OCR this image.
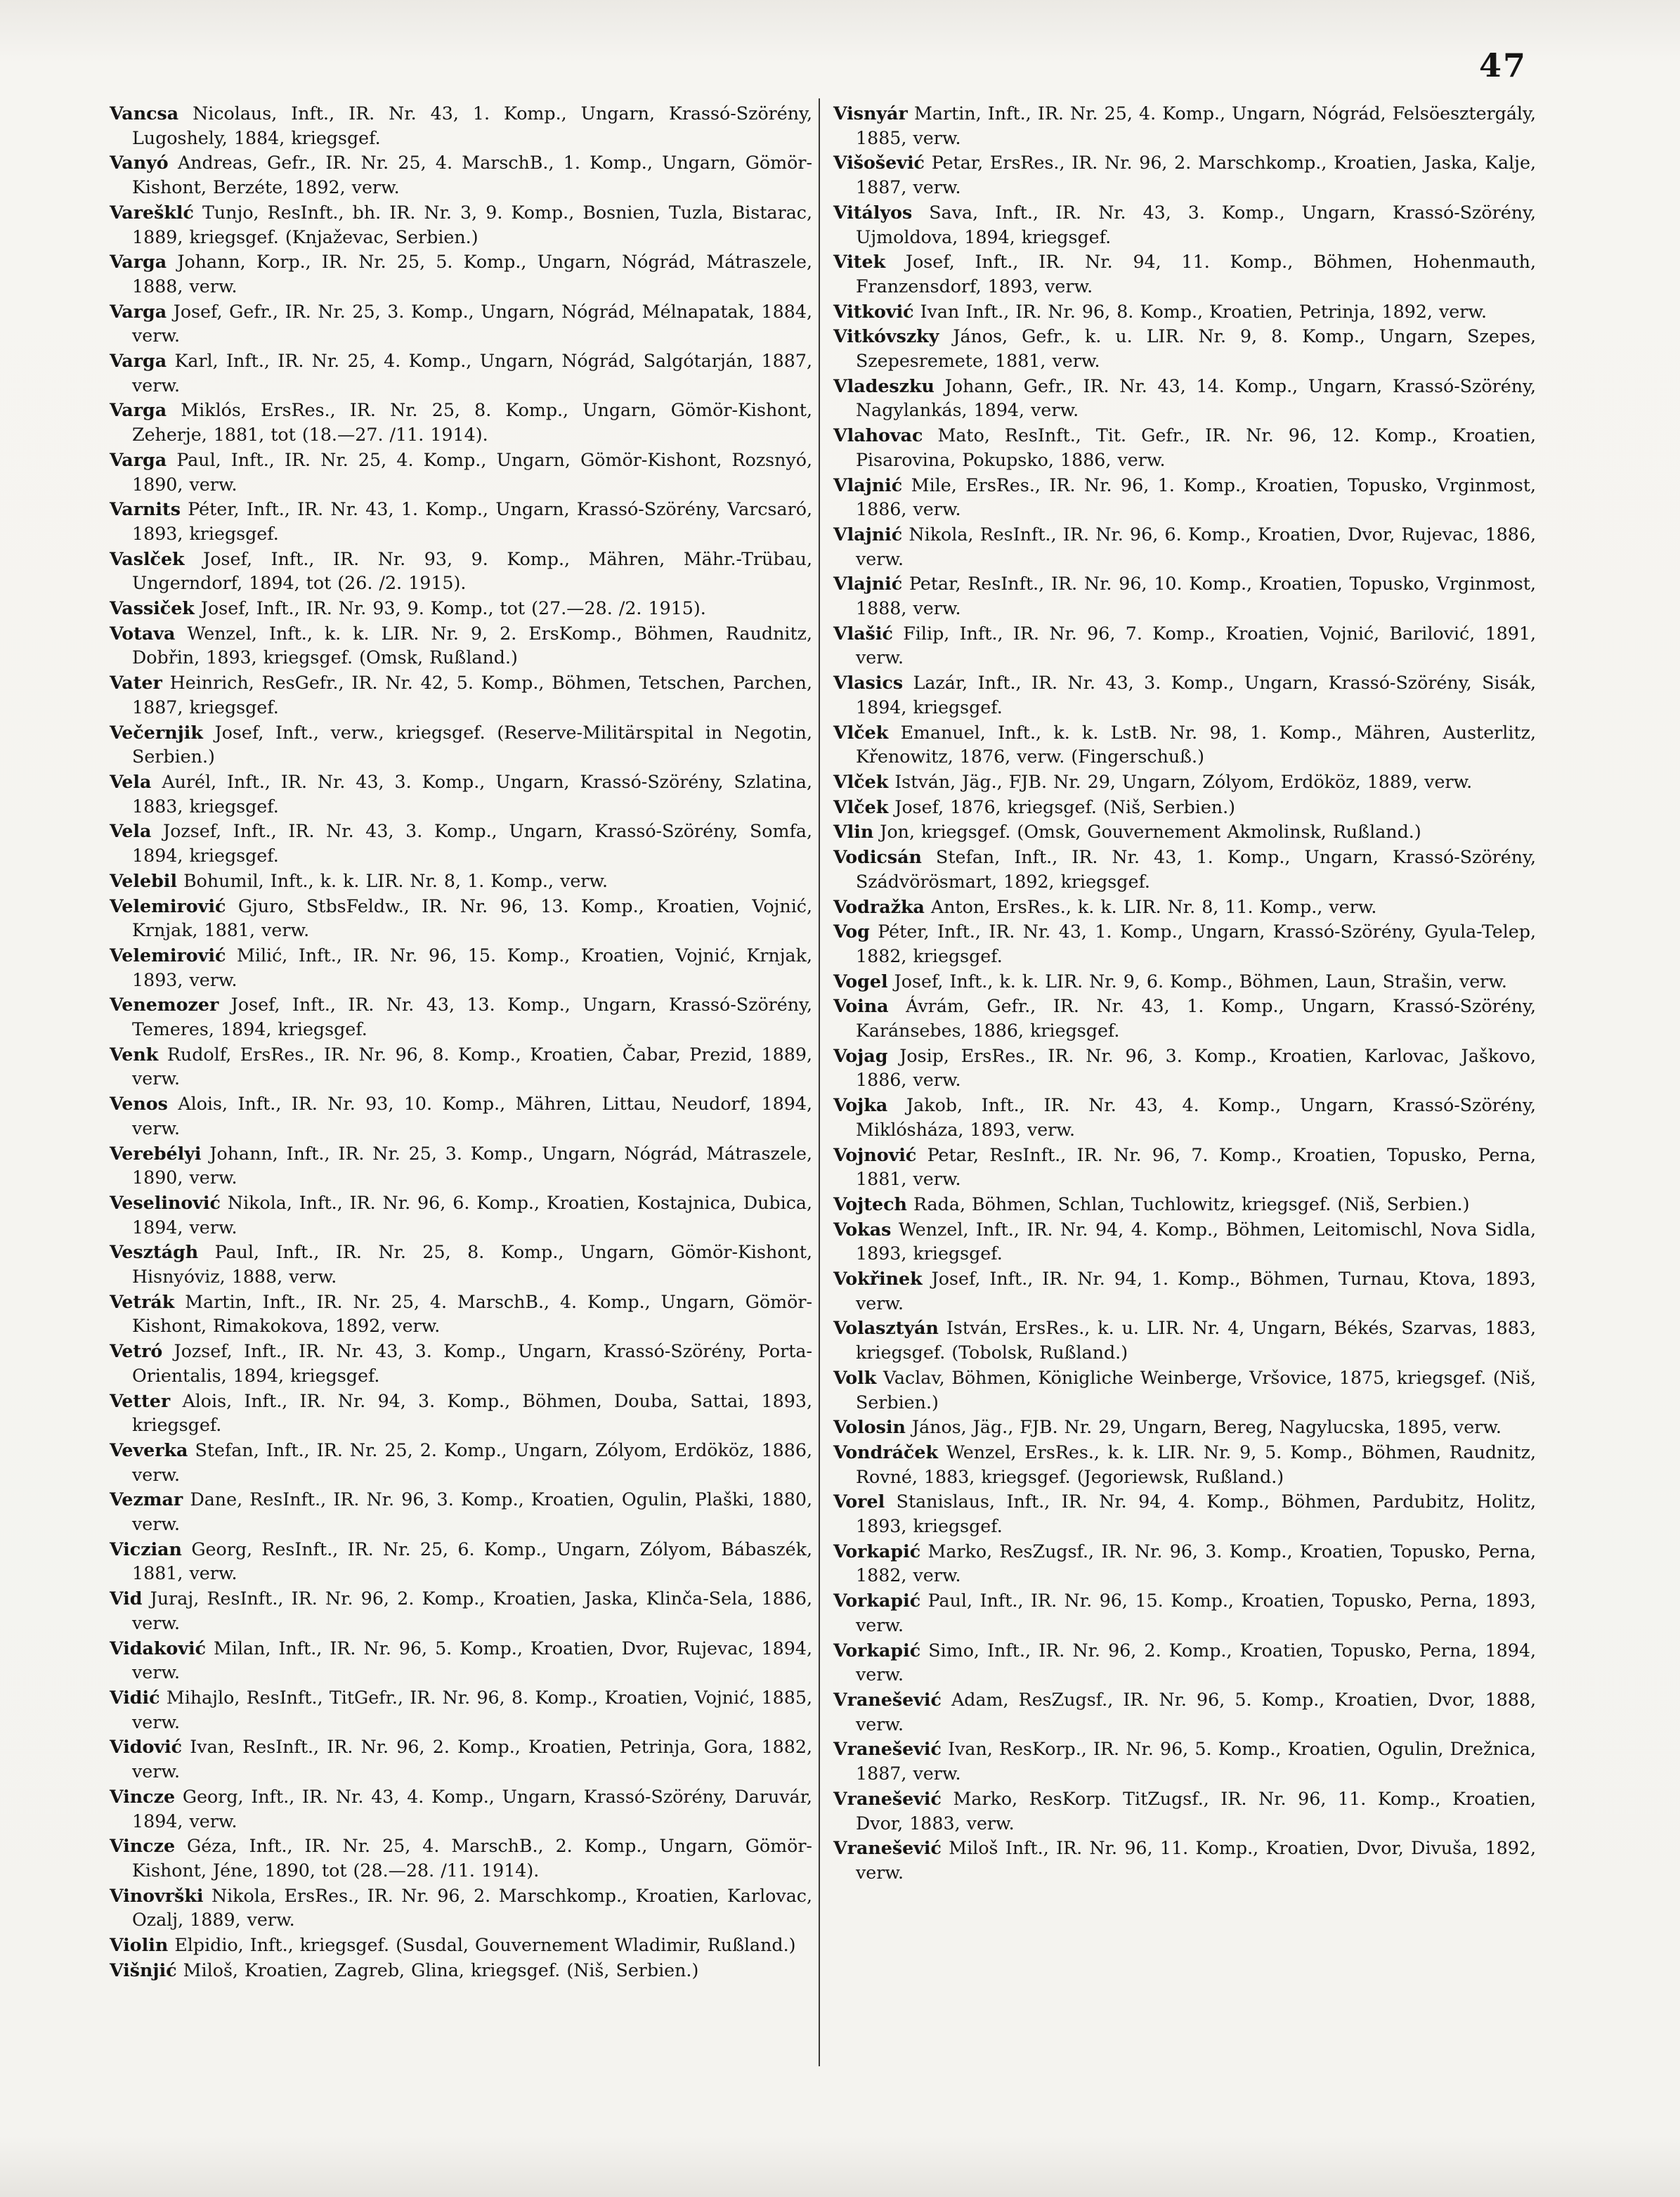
47

Vancsa Nicolaus, Inft., IR. Nr. 43, 1. Komp., Ungarn, Krassó-Szörény, Lugoshely, 1884, kriegsgef.

Vanyó Andreas, Gefr., IR. Nr. 25, 4. MarschB., 1. Komp., Ungarn, Gömör-Kishont, Berzéte, 1892, verw.

Varešklć Tunjo, ResInft., bh. IR. Nr. 3, 9. Komp., Bosnien, Tuzla, Bistarac, 1889, kriegsgef. (Knjaževac, Serbien.)

Varga Johann, Korp., IR. Nr. 25, 5. Komp., Ungarn, Nógrád, Mátraszele, 1888, verw.

Varga Josef, Gefr., IR. Nr. 25, 3. Komp., Ungarn, Nógrád, Mélnapatak, 1884, verw.

Varga Karl, Inft., IR. Nr. 25, 4. Komp., Ungarn, Nógrád, Salgótarján, 1887, verw.

Varga Miklós, ErsRes., IR. Nr. 25, 8. Komp., Ungarn, Gömör-Kishont, Zeherje, 1881, tot (18.—27. /11. 1914).

Varga Paul, Inft., IR. Nr. 25, 4. Komp., Ungarn, Gömör-Kishont, Rozsnyó, 1890, verw.

Varnits Péter, Inft., IR. Nr. 43, 1. Komp., Ungarn, Krassó-Szörény, Varcsaró, 1893, kriegsgef.

Vaslček Josef, Inft., IR. Nr. 93, 9. Komp., Mähren, Mähr.-Trübau, Ungerndorf, 1894, tot (26. /2. 1915).

Vassiček Josef, Inft., IR. Nr. 93, 9. Komp., tot (27.—28. /2. 1915).

Votava Wenzel, Inft., k. k. LIR. Nr. 9, 2. ErsKomp., Böhmen, Raudnitz, Dobřin, 1893, kriegsgef. (Omsk, Rußland.)

Vater Heinrich, ResGefr., IR. Nr. 42, 5. Komp., Böhmen, Tetschen, Parchen, 1887, kriegsgef.

Večernjik Josef, Inft., verw., kriegsgef. (Reserve-Militärspital in Negotin, Serbien.)

Vela Aurél, Inft., IR. Nr. 43, 3. Komp., Ungarn, Krassó-Szörény, Szlatina, 1883, kriegsgef.

Vela Jozsef, Inft., IR. Nr. 43, 3. Komp., Ungarn, Krassó-Szörény, Somfa, 1894, kriegsgef.

Velebil Bohumil, Inft., k. k. LIR. Nr. 8, 1. Komp., verw.

Velemirović Gjuro, StbsFeldw., IR. Nr. 96, 13. Komp., Kroatien, Vojnić, Krnjak, 1881, verw.

Velemirović Milić, Inft., IR. Nr. 96, 15. Komp., Kroatien, Vojnić, Krnjak, 1893, verw.

Venemozer Josef, Inft., IR. Nr. 43, 13. Komp., Ungarn, Krassó-Szörény, Temeres, 1894, kriegsgef.

Venk Rudolf, ErsRes., IR. Nr. 96, 8. Komp., Kroatien, Čabar, Prezid, 1889, verw.

Venos Alois, Inft., IR. Nr. 93, 10. Komp., Mähren, Littau, Neudorf, 1894, verw.

Verebélyi Johann, Inft., IR. Nr. 25, 3. Komp., Ungarn, Nógrád, Mátraszele, 1890, verw.

Veselinović Nikola, Inft., IR. Nr. 96, 6. Komp., Kroatien, Kostajnica, Dubica, 1894, verw.

Vesztágh Paul, Inft., IR. Nr. 25, 8. Komp., Ungarn, Gömör-Kishont, Hisnyóviz, 1888, verw.

Vetrák Martin, Inft., IR. Nr. 25, 4. MarschB., 4. Komp., Ungarn, Gömör-Kishont, Rimakokova, 1892, verw.

Vetró Jozsef, Inft., IR. Nr. 43, 3. Komp., Ungarn, Krassó-Szörény, Porta-Orientalis, 1894, kriegsgef.

Vetter Alois, Inft., IR. Nr. 94, 3. Komp., Böhmen, Douba, Sattai, 1893, kriegsgef.

Veverka Stefan, Inft., IR. Nr. 25, 2. Komp., Ungarn, Zólyom, Erdököz, 1886, verw.

Vezmar Dane, ResInft., IR. Nr. 96, 3. Komp., Kroatien, Ogulin, Plaški, 1880, verw.

Viczian Georg, ResInft., IR. Nr. 25, 6. Komp., Ungarn, Zólyom, Bábaszék, 1881, verw.

Vid Juraj, ResInft., IR. Nr. 96, 2. Komp., Kroatien, Jaska, Klinča-Sela, 1886, verw.

Vidaković Milan, Inft., IR. Nr. 96, 5. Komp., Kroatien, Dvor, Rujevac, 1894, verw.

Vidić Mihajlo, ResInft., TitGefr., IR. Nr. 96, 8. Komp., Kroatien, Vojnić, 1885, verw.

Vidović Ivan, ResInft., IR. Nr. 96, 2. Komp., Kroatien, Petrinja, Gora, 1882, verw.

Vincze Georg, Inft., IR. Nr. 43, 4. Komp., Ungarn, Krassó-Szörény, Daruvár, 1894, verw.

Vincze Géza, Inft., IR. Nr. 25, 4. MarschB., 2. Komp., Ungarn, Gömör-Kishont, Jéne, 1890, tot (28.—28. /11. 1914).

Vinovrški Nikola, ErsRes., IR. Nr. 96, 2. Marschkomp., Kroatien, Karlovac, Ozalj, 1889, verw.

Violin Elpidio, Inft., kriegsgef. (Susdal, Gouvernement Wladimir, Rußland.)

Višnjić Miloš, Kroatien, Zagreb, Glina, kriegsgef. (Niš, Serbien.)

Visnyár Martin, Inft., IR. Nr. 25, 4. Komp., Ungarn, Nógrád, Felsöesztergály, 1885, verw.

Višošević Petar, ErsRes., IR. Nr. 96, 2. Marschkomp., Kroatien, Jaska, Kalje, 1887, verw.

Vitályos Sava, Inft., IR. Nr. 43, 3. Komp., Ungarn, Krassó-Szörény, Ujmoldova, 1894, kriegsgef.

Vitek Josef, Inft., IR. Nr. 94, 11. Komp., Böhmen, Hohenmauth, Franzensdorf, 1893, verw.

Vitković Ivan Inft., IR. Nr. 96, 8. Komp., Kroatien, Petrinja, 1892, verw.

Vitkóvszky János, Gefr., k. u. LIR. Nr. 9, 8. Komp., Ungarn, Szepes, Szepesremete, 1881, verw.

Vladeszku Johann, Gefr., IR. Nr. 43, 14. Komp., Ungarn, Krassó-Szörény, Nagylankás, 1894, verw.

Vlahovac Mato, ResInft., Tit. Gefr., IR. Nr. 96, 12. Komp., Kroatien, Pisarovina, Pokupsko, 1886, verw.

Vlajnić Mile, ErsRes., IR. Nr. 96, 1. Komp., Kroatien, Topusko, Vrginmost, 1886, verw.

Vlajnić Nikola, ResInft., IR. Nr. 96, 6. Komp., Kroatien, Dvor, Rujevac, 1886, verw.

Vlajnić Petar, ResInft., IR. Nr. 96, 10. Komp., Kroatien, Topusko, Vrginmost, 1888, verw.

Vlašić Filip, Inft., IR. Nr. 96, 7. Komp., Kroatien, Vojnić, Barilović, 1891, verw.

Vlasics Lazár, Inft., IR. Nr. 43, 3. Komp., Ungarn, Krassó-Szörény, Sisák, 1894, kriegsgef.

Vlček Emanuel, Inft., k. k. LstB. Nr. 98, 1. Komp., Mähren, Austerlitz, Křenowitz, 1876, verw. (Fingerschuß.)

Vlček István, Jäg., FJB. Nr. 29, Ungarn, Zólyom, Erdököz, 1889, verw.

Vlček Josef, 1876, kriegsgef. (Niš, Serbien.)

Vlin Jon, kriegsgef. (Omsk, Gouvernement Akmolinsk, Rußland.)

Vodicsán Stefan, Inft., IR. Nr. 43, 1. Komp., Ungarn, Krassó-Szörény, Szádvörösmart, 1892, kriegsgef.

Vodražka Anton, ErsRes., k. k. LIR. Nr. 8, 11. Komp., verw.

Vog Péter, Inft., IR. Nr. 43, 1. Komp., Ungarn, Krassó-Szörény, Gyula-Telep, 1882, kriegsgef.

Vogel Josef, Inft., k. k. LIR. Nr. 9, 6. Komp., Böhmen, Laun, Strašin, verw.

Voina Ávrám, Gefr., IR. Nr. 43, 1. Komp., Ungarn, Krassó-Szörény, Karánsebes, 1886, kriegsgef.

Vojag Josip, ErsRes., IR. Nr. 96, 3. Komp., Kroatien, Karlovac, Jaškovo, 1886, verw.

Vojka Jakob, Inft., IR. Nr. 43, 4. Komp., Ungarn, Krassó-Szörény, Miklósháza, 1893, verw.

Vojnović Petar, ResInft., IR. Nr. 96, 7. Komp., Kroatien, Topusko, Perna, 1881, verw.

Vojtech Rada, Böhmen, Schlan, Tuchlowitz, kriegsgef. (Niš, Serbien.)

Vokas Wenzel, Inft., IR. Nr. 94, 4. Komp., Böhmen, Leitomischl, Nova Sidla, 1893, kriegsgef.

Vokřinek Josef, Inft., IR. Nr. 94, 1. Komp., Böhmen, Turnau, Ktova, 1893, verw.

Volasztyán István, ErsRes., k. u. LIR. Nr. 4, Ungarn, Békés, Szarvas, 1883, kriegsgef. (Tobolsk, Rußland.)

Volk Vaclav, Böhmen, Königliche Weinberge, Vršovice, 1875, kriegsgef. (Niš, Serbien.)

Volosin János, Jäg., FJB. Nr. 29, Ungarn, Bereg, Nagylucska, 1895, verw.

Vondráček Wenzel, ErsRes., k. k. LIR. Nr. 9, 5. Komp., Böhmen, Raudnitz, Rovné, 1883, kriegsgef. (Jegoriewsk, Rußland.)

Vorel Stanislaus, Inft., IR. Nr. 94, 4. Komp., Böhmen, Pardubitz, Holitz, 1893, kriegsgef.

Vorkapić Marko, ResZugsf., IR. Nr. 96, 3. Komp., Kroatien, Topusko, Perna, 1882, verw.

Vorkapić Paul, Inft., IR. Nr. 96, 15. Komp., Kroatien, Topusko, Perna, 1893, verw.

Vorkapić Simo, Inft., IR. Nr. 96, 2. Komp., Kroatien, Topusko, Perna, 1894, verw.

Vranešević Adam, ResZugsf., IR. Nr. 96, 5. Komp., Kroatien, Dvor, 1888, verw.

Vranešević Ivan, ResKorp., IR. Nr. 96, 5. Komp., Kroatien, Ogulin, Drežnica, 1887, verw.

Vranešević Marko, ResKorp. TitZugsf., IR. Nr. 96, 11. Komp., Kroatien, Dvor, 1883, verw.

Vranešević Miloš Inft., IR. Nr. 96, 11. Komp., Kroatien, Dvor, Divuša, 1892, verw.
